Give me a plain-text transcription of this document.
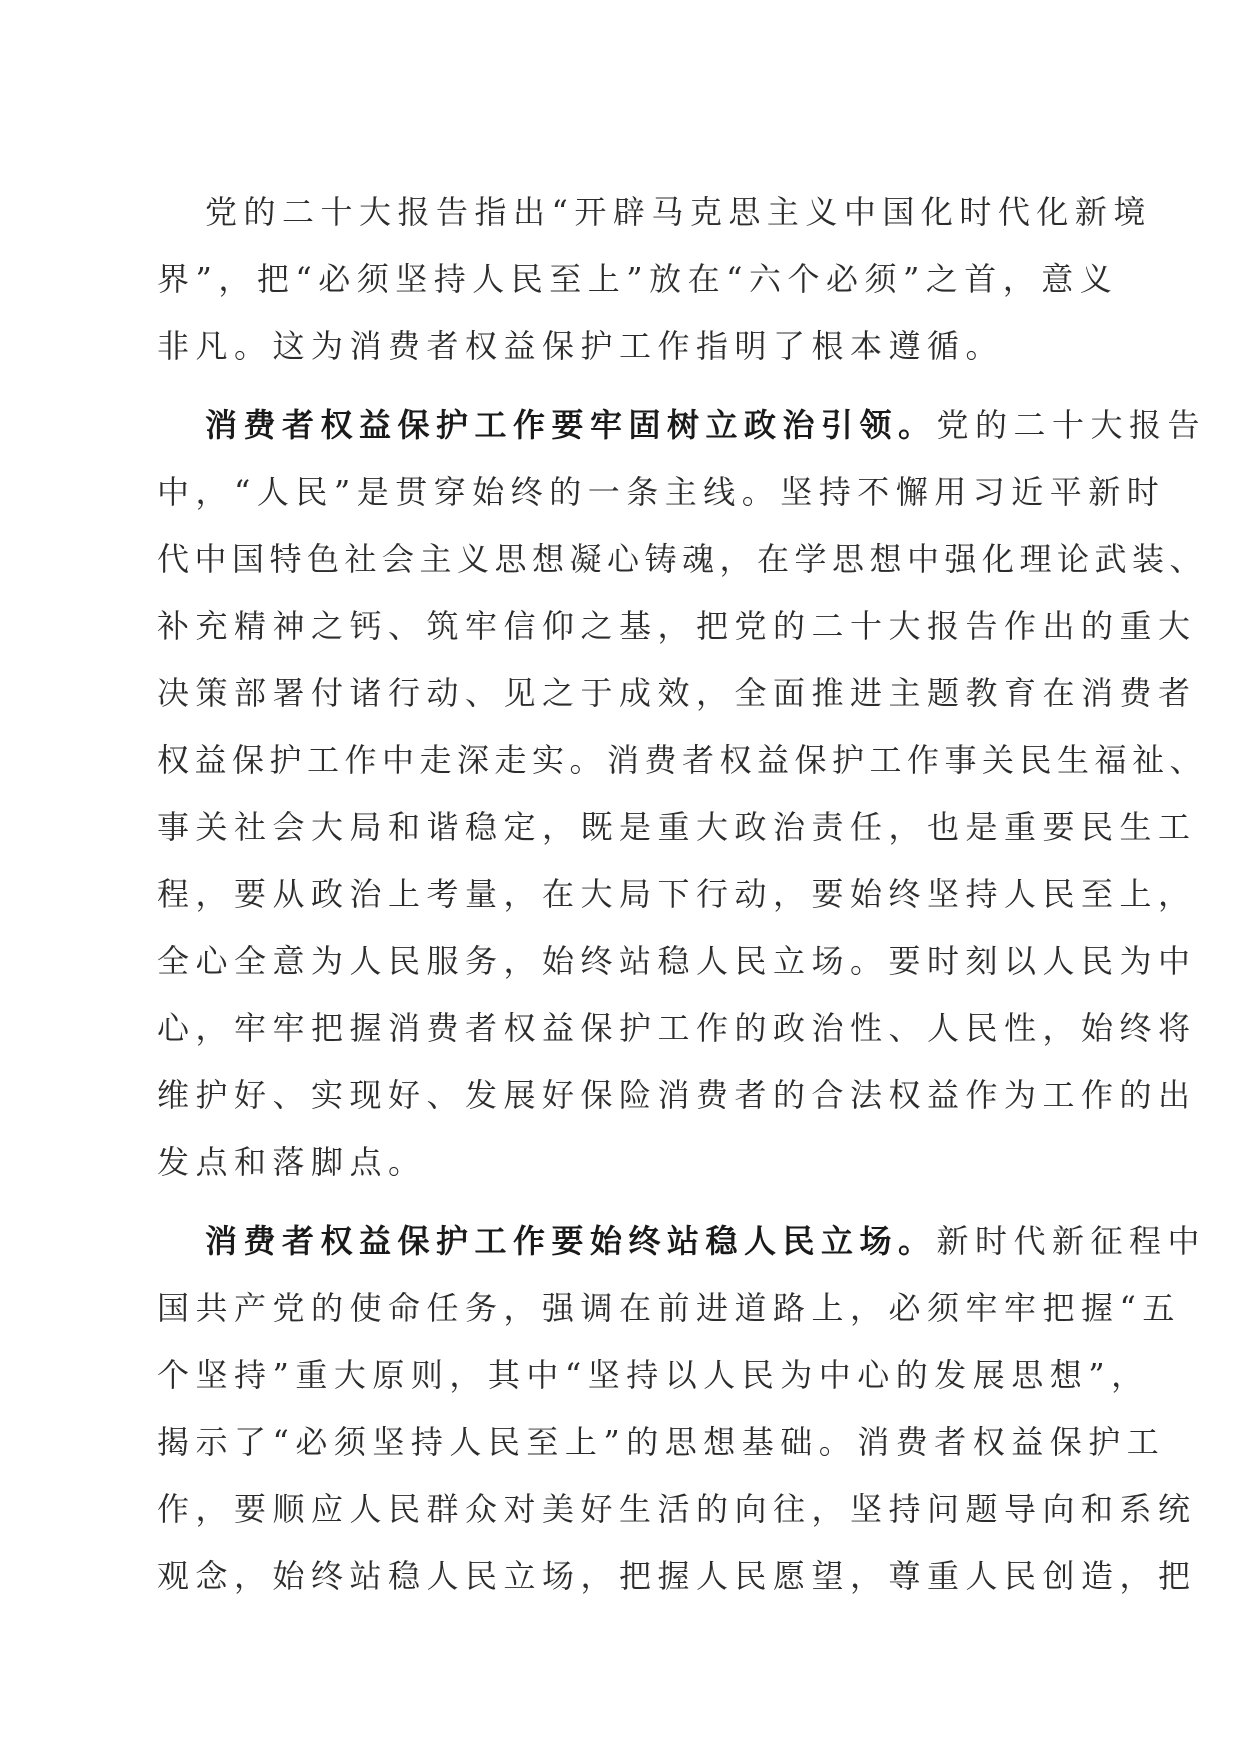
党的二十大报告指出“开辟马克思主义中国化时代化新境
界”，把“必须坚持人民至上”放在“六个必须”之首，意义
非凡。这为消费者权益保护工作指明了根本遵循。
消费者权益保护工作要牢固树立政治引领。党的二十大报告
中，“人民”是贯穿始终的一条主线。坚持不懈用习近平新时
代中国特色社会主义思想凝心铸魂，在学思想中强化理论武装、
补充精神之钙、筑牢信仰之基，把党的二十大报告作出的重大
决策部署付诸行动、见之于成效，全面推进主题教育在消费者
权益保护工作中走深走实。消费者权益保护工作事关民生福祉、
事关社会大局和谐稳定，既是重大政治责任，也是重要民生工
程，要从政治上考量，在大局下行动，要始终坚持人民至上，
全心全意为人民服务，始终站稳人民立场。要时刻以人民为中
心，牢牢把握消费者权益保护工作的政治性、人民性，始终将
维护好、实现好、发展好保险消费者的合法权益作为工作的出
发点和落脚点。
消费者权益保护工作要始终站稳人民立场。新时代新征程中
国共产党的使命任务，强调在前进道路上，必须牢牢把握“五
个坚持”重大原则，其中“坚持以人民为中心的发展思想”，
揭示了“必须坚持人民至上”的思想基础。消费者权益保护工
作，要顺应人民群众对美好生活的向往，坚持问题导向和系统
观念，始终站稳人民立场，把握人民愿望，尊重人民创造，把
